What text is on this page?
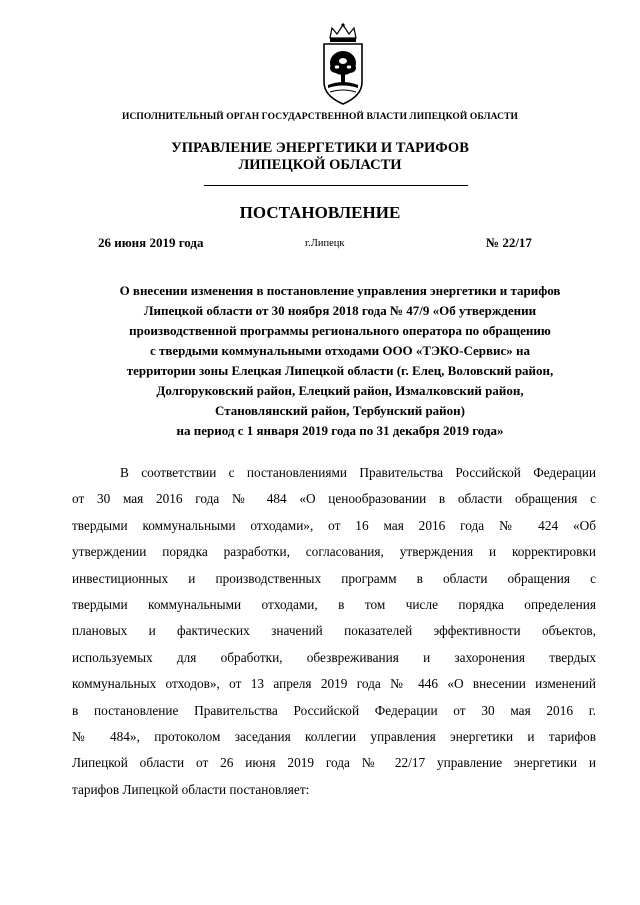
ИСПОЛНИТЕЛЬНЫЙ ОРГАН ГОСУДАРСТВЕННОЙ ВЛАСТИ ЛИПЕЦКОЙ ОБЛАСТИ
УПРАВЛЕНИЕ ЭНЕРГЕТИКИ И ТАРИФОВ
ЛИПЕЦКОЙ ОБЛАСТИ
ПОСТАНОВЛЕНИЕ
26 июня 2019 года	г.Липецк	№ 22/17

О внесении изменения в постановление управления энергетики и тарифов
Липецкой области от 30 ноября 2018 года № 47/9 «Об утверждении
производственной программы регионального оператора по обращению
с твердыми коммунальными отходами ООО «ТЭКО-Сервис» на
территории зоны Елецкая Липецкой области (г. Елец, Воловский район,
Долгоруковский район, Елецкий район, Измалковский район,
Становлянский район, Тербунский район)
на период с 1 января 2019 года по 31 декабря 2019 года»

В соответствии с постановлениями Правительства Российской Федерации
от 30 мая 2016 года № 484 «О ценообразовании в области обращения с
твердыми коммунальными отходами», от 16 мая 2016 года № 424 «Об
утверждении порядка разработки, согласования, утверждения и корректировки
инвестиционных и производственных программ в области обращения с
твердыми коммунальными отходами, в том числе порядка определения
плановых и фактических значений показателей эффективности объектов,
используемых для обработки, обезвреживания и захоронения твердых
коммунальных отходов», от 13 апреля 2019 года № 446 «О внесении изменений
в постановление Правительства Российской Федерации от 30 мая 2016 г.
№ 484», протоколом заседания коллегии управления энергетики и тарифов
Липецкой области от 26 июня 2019 года № 22/17 управление энергетики и
тарифов Липецкой области постановляет:
